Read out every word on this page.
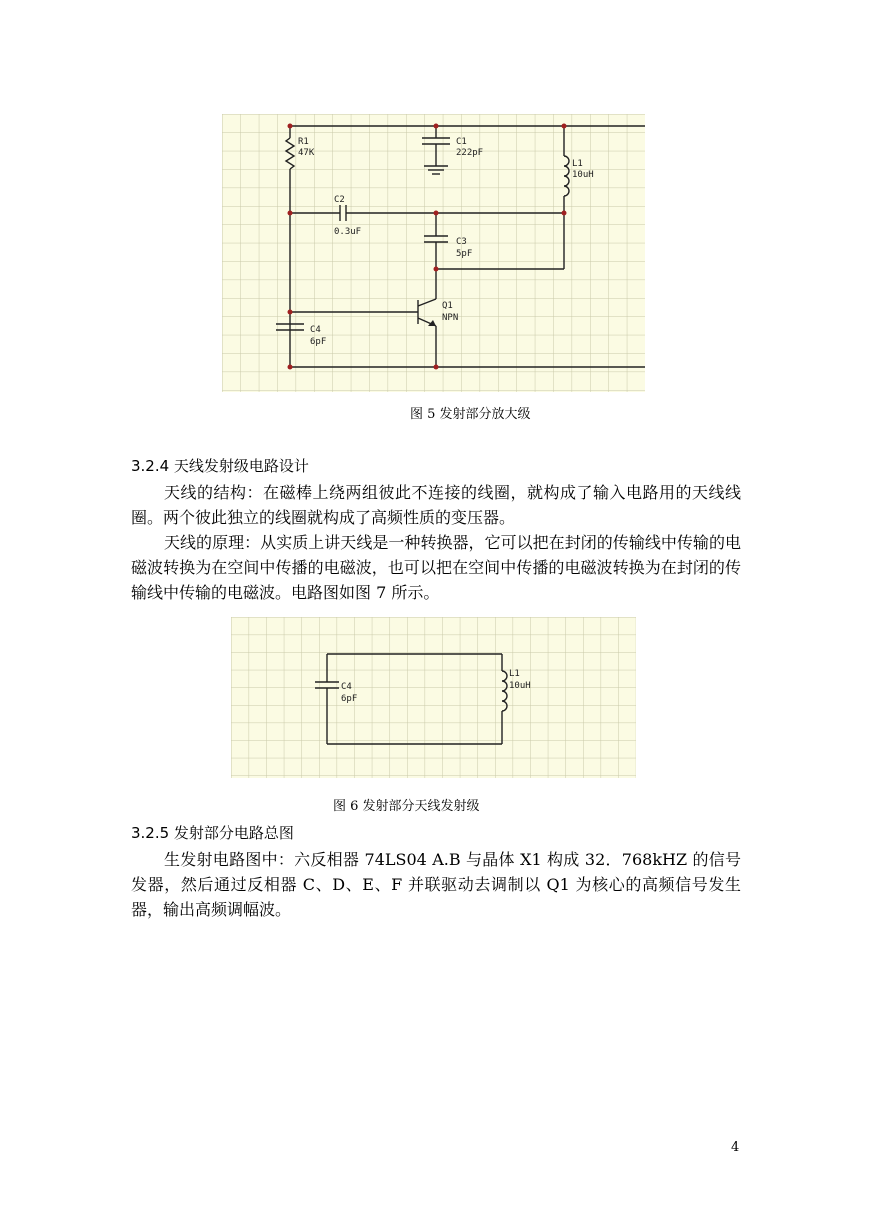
R1
47K
C1
222pF
L1
10uH
C2
0.3uF
C3
5pF
Q1
NPN
C4
6pF
图 5 发射部分放大级
3.2.4 天线发射级电路设计
天线的结构：在磁棒上绕两组彼此不连接的线圈，就构成了输入电路用的天线线圈。两个彼此独立的线圈就构成了高频性质的变压器。
天线的原理：从实质上讲天线是一种转换器，它可以把在封闭的传输线中传输的电磁波转换为在空间中传播的电磁波，也可以把在空间中传播的电磁波转换为在封闭的传输线中传输的电磁波。电路图如图 7 所示。
C4
6pF
L1
10uH
图 6 发射部分天线发射级
3.2.5 发射部分电路总图
生发射电路图中：六反相器 74LS04 A.B 与晶体 X1 构成 32．768kHZ 的信号发器，然后通过反相器 C、D、E、F 并联驱动去调制以 Q1 为核心的高频信号发生器，输出高频调幅波。
4
